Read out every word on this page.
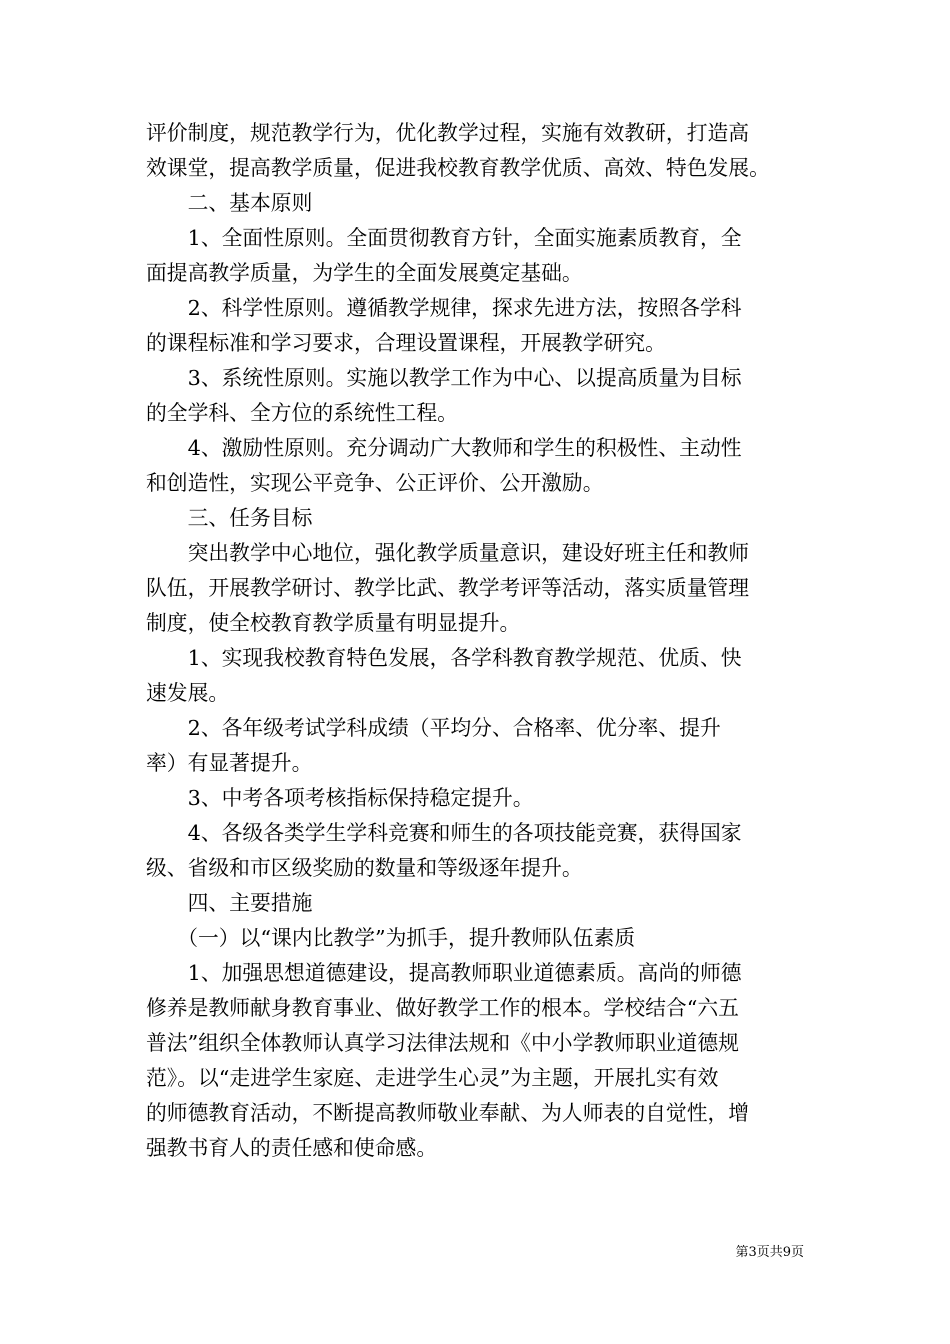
评价制度，规范教学行为，优化教学过程，实施有效教研，打造高
效课堂，提高教学质量，促进我校教育教学优质、高效、特色发展。
　　二、基本原则
　　1、全面性原则。全面贯彻教育方针，全面实施素质教育，全
面提高教学质量，为学生的全面发展奠定基础。
　　2、科学性原则。遵循教学规律，探求先进方法，按照各学科
的课程标准和学习要求，合理设置课程，开展教学研究。
　　3、系统性原则。实施以教学工作为中心、以提高质量为目标
的全学科、全方位的系统性工程。
　　4、激励性原则。充分调动广大教师和学生的积极性、主动性
和创造性，实现公平竞争、公正评价、公开激励。
　　三、任务目标
　　突出教学中心地位，强化教学质量意识，建设好班主任和教师
队伍，开展教学研讨、教学比武、教学考评等活动，落实质量管理
制度，使全校教育教学质量有明显提升。
　　1、实现我校教育特色发展，各学科教育教学规范、优质、快
速发展。
　　2、各年级考试学科成绩（平均分、合格率、优分率、提升
率）有显著提升。
　　3、中考各项考核指标保持稳定提升。
　　4、各级各类学生学科竞赛和师生的各项技能竞赛，获得国家
级、省级和市区级奖励的数量和等级逐年提升。
　　四、主要措施
　　（一）以“课内比教学”为抓手，提升教师队伍素质
　　1、加强思想道德建设，提高教师职业道德素质。高尚的师德
修养是教师献身教育事业、做好教学工作的根本。学校结合“六五
普法”组织全体教师认真学习法律法规和《中小学教师职业道德规
范》。以“走进学生家庭、走进学生心灵”为主题，开展扎实有效
的师德教育活动，不断提高教师敬业奉献、为人师表的自觉性，增
强教书育人的责任感和使命感。
第3页共9页
